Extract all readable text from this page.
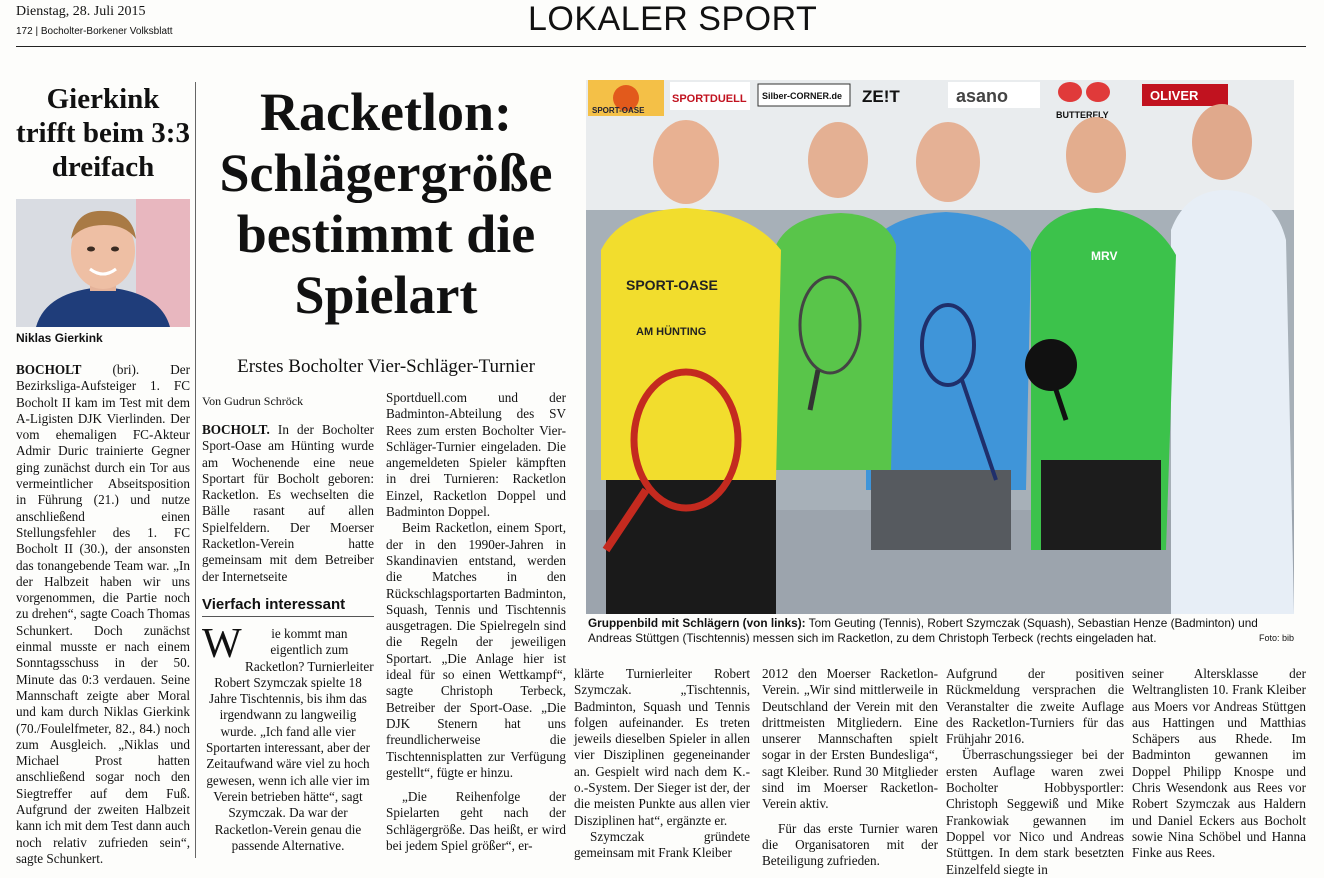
Dienstag, 28. Juli 2015
172 | Bocholter-Borkener Volksblatt	LOKALER SPORT
Gierkink trifft beim 3:3 dreifach
Niklas Gierkink

BOCHOLT (bri). Der Bezirksliga-Aufsteiger 1. FC Bocholt II kam im Test mit dem A-Ligisten DJK Vierlinden. Der vom ehemaligen FC-Akteur Admir Duric trainierte Gegner ging zunächst durch ein Tor aus vermeintlicher Abseitsposition in Führung (21.) und nutze anschließend einen Stellungsfehler des 1. FC Bocholt II (30.), der ansonsten das tonangebende Team war. „In der Halbzeit haben wir uns vorgenommen, die Partie noch zu drehen“, sagte Coach Thomas Schunkert. Doch zunächst einmal musste er nach einem Sonntagsschuss in der 50. Minute das 0:3 verdauen. Seine Mannschaft zeigte aber Moral und kam durch Niklas Gierkink (70./Foulelfmeter, 82., 84.) noch zum Ausgleich. „Niklas und Michael Prost hatten anschließend sogar noch den Siegtreffer auf dem Fuß. Aufgrund der zweiten Halbzeit kann ich mit dem Test dann auch noch relativ zufrieden sein“, sagte Schunkert.

Racketlon: Schlägergröße bestimmt die Spielart
Erstes Bocholter Vier-Schläger-Turnier
Von Gudrun Schröck

BOCHOLT. In der Bocholter Sport-Oase am Hünting wurde am Wochenende eine neue Sportart für Bocholt geboren: Racketlon. Es wechselten die Bälle rasant auf allen Spielfeldern. Der Moerser Racketlon-Verein hatte gemeinsam mit dem Betreiber der Internetseite

Vierfach interessant
W ie kommt man eigentlich zum Racketlon? Turnierleiter Robert Szymczak spielte 18 Jahre Tischtennis, bis ihm das irgendwann zu langweilig wurde. „Ich fand alle vier Sportarten interessant, aber der Zeitaufwand wäre viel zu hoch gewesen, wenn ich alle vier im Verein betrieben hätte“, sagt Szymczak. Da war der Racketlon-Verein genau die passende Alternative.

Sportduell.com und der Badminton-Abteilung des SV Rees zum ersten Bocholter Vier-Schläger-Turnier eingeladen. Die angemeldeten Spieler kämpften in drei Turnieren: Racketlon Einzel, Racketlon Doppel und Badminton Doppel.

Beim Racketlon, einem Sport, der in den 1990er-Jahren in Skandinavien entstand, werden die Matches in den Rückschlagsportarten Badminton, Squash, Tennis und Tischtennis ausgetragen. Die Spielregeln sind die Regeln der jeweiligen Sportart. „Die Anlage hier ist ideal für so einen Wettkampf“, sagte Christoph Terbeck, Betreiber der Sport-Oase. „Die DJK Stenern hat uns freundlicherweise die Tischtennisplatten zur Verfügung gestellt“, fügte er hinzu.

„Die Reihenfolge der Spielarten geht nach der Schlägergröße. Das heißt, er wird bei jedem Spiel größer“, er-

SPORT-OASE
SPORTDUELL Silber-CORNER.de ZE!T	asano
BUTTERFLY
OLIVER
MRV
SPORT-OASE
AM HÜNTING
Gruppenbild mit Schlägern (von links): Tom Geuting (Tennis), Robert Szymczak (Squash), Sebastian Henze (Badminton) und Andreas Stüttgen (Tischtennis) messen sich im Racketlon, zu dem Christoph Terbeck (rechts eingeladen hat.	Foto: bib

klärte Turnierleiter Robert Szymczak. „Tischtennis, Badminton, Squash und Tennis folgen aufeinander. Es treten jeweils dieselben Spieler in allen vier Disziplinen gegeneinander an. Gespielt wird nach dem K.-o.-System. Der Sieger ist der, der die meisten Punkte aus allen vier Disziplinen hat“, ergänzte er.

Szymczak gründete gemeinsam mit Frank Kleiber

2012 den Moerser Racketlon-Verein. „Wir sind mittlerweile in Deutschland der Verein mit den drittmeisten Mitgliedern. Eine unserer Mannschaften spielt sogar in der Ersten Bundesliga“, sagt Kleiber. Rund 30 Mitglieder sind im Moerser Racketlon-Verein aktiv.

Für das erste Turnier waren die Organisatoren mit der Beteiligung zufrieden.

Aufgrund der positiven Rückmeldung versprachen die Veranstalter die zweite Auflage des Racketlon-Turniers für das Frühjahr 2016.

Überraschungssieger bei der ersten Auflage waren zwei Bocholter Hobbysportler: Christoph Seggewiß und Mike Frankowiak gewannen im Doppel vor Nico und Andreas Stüttgen. In dem stark besetzten Einzelfeld siegte in

seiner Altersklasse der Weltranglisten 10. Frank Kleiber aus Moers vor Andreas Stüttgen aus Hattingen und Matthias Schäpers aus Rhede. Im Badminton gewannen im Doppel Philipp Knospe und Chris Wesendonk aus Rees vor Robert Szymczak aus Haldern und Daniel Eckers aus Bocholt sowie Nina Schöbel und Hanna Finke aus Rees.
